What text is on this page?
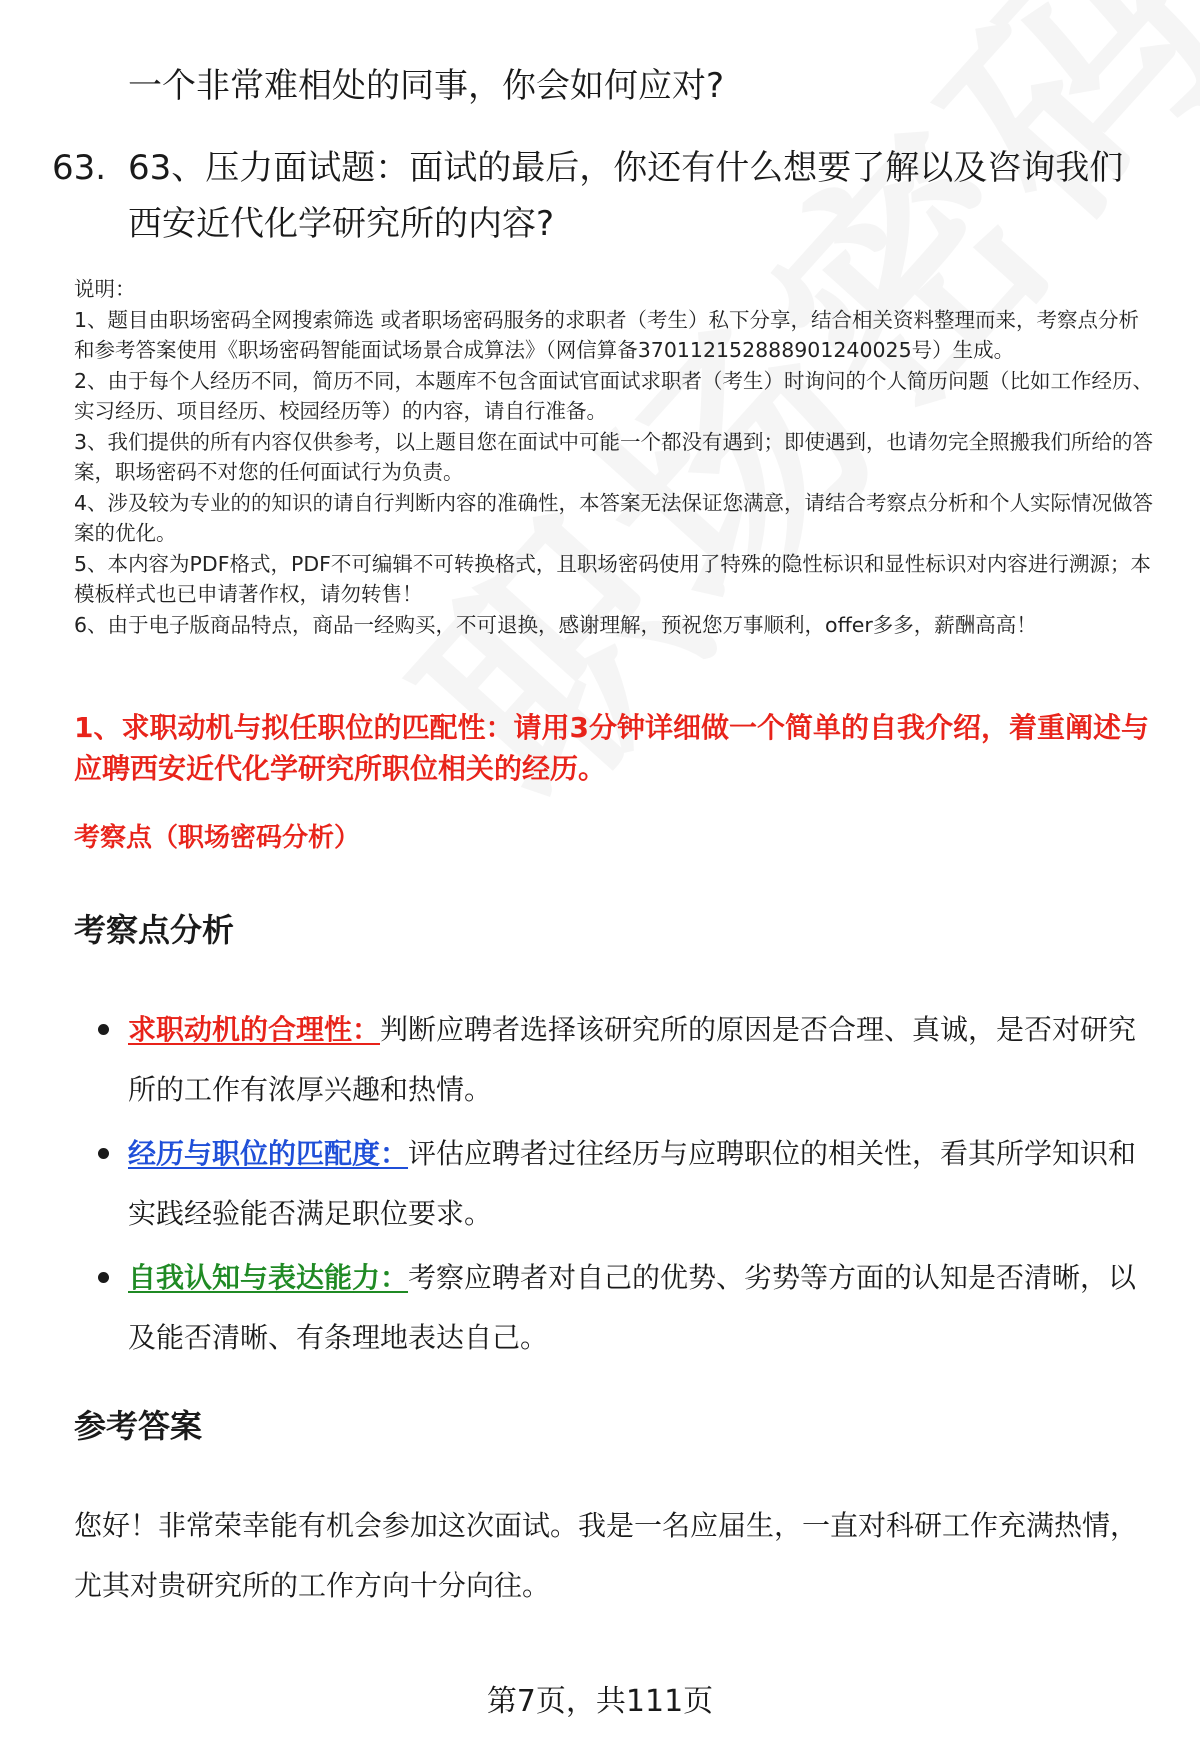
一个非常难相处的同事，你会如何应对?
63. 63、压力面试题：面试的最后，你还有什么想要了解以及咨询我们西安近代化学研究所的内容?
说明：
1、题目由职场密码全网搜索筛选 或者职场密码服务的求职者（考生）私下分享，结合相关资料整理而来，考察点分析和参考答案使用《职场密码智能面试场景合成算法》（网信算备370112152888901240025号）生成。
2、由于每个人经历不同，简历不同，本题库不包含面试官面试求职者（考生）时询问的个人简历问题（比如工作经历、实习经历、项目经历、校园经历等）的内容，请自行准备。
3、我们提供的所有内容仅供参考，以上题目您在面试中可能一个都没有遇到；即使遇到，也请勿完全照搬我们所给的答案，职场密码不对您的任何面试行为负责。
4、涉及较为专业的的知识的请自行判断内容的准确性，本答案无法保证您满意，请结合考察点分析和个人实际情况做答案的优化。
5、本内容为PDF格式，PDF不可编辑不可转换格式，且职场密码使用了特殊的隐性标识和显性标识对内容进行溯源；本模板样式也已申请著作权，请勿转售！
6、由于电子版商品特点，商品一经购买，不可退换，感谢理解，预祝您万事顺利，offer多多，薪酬高高！
1、求职动机与拟任职位的匹配性：请用3分钟详细做一个简单的自我介绍，着重阐述与应聘西安近代化学研究所职位相关的经历。
考察点（职场密码分析）
考察点分析
求职动机的合理性：判断应聘者选择该研究所的原因是否合理、真诚，是否对研究所的工作有浓厚兴趣和热情。
经历与职位的匹配度：评估应聘者过往经历与应聘职位的相关性，看其所学知识和实践经验能否满足职位要求。
自我认知与表达能力：考察应聘者对自己的优势、劣势等方面的认知是否清晰，以及能否清晰、有条理地表达自己。
参考答案
您好！非常荣幸能有机会参加这次面试。我是一名应届生，一直对科研工作充满热情，尤其对贵研究所的工作方向十分向往。
第7页，共111页
